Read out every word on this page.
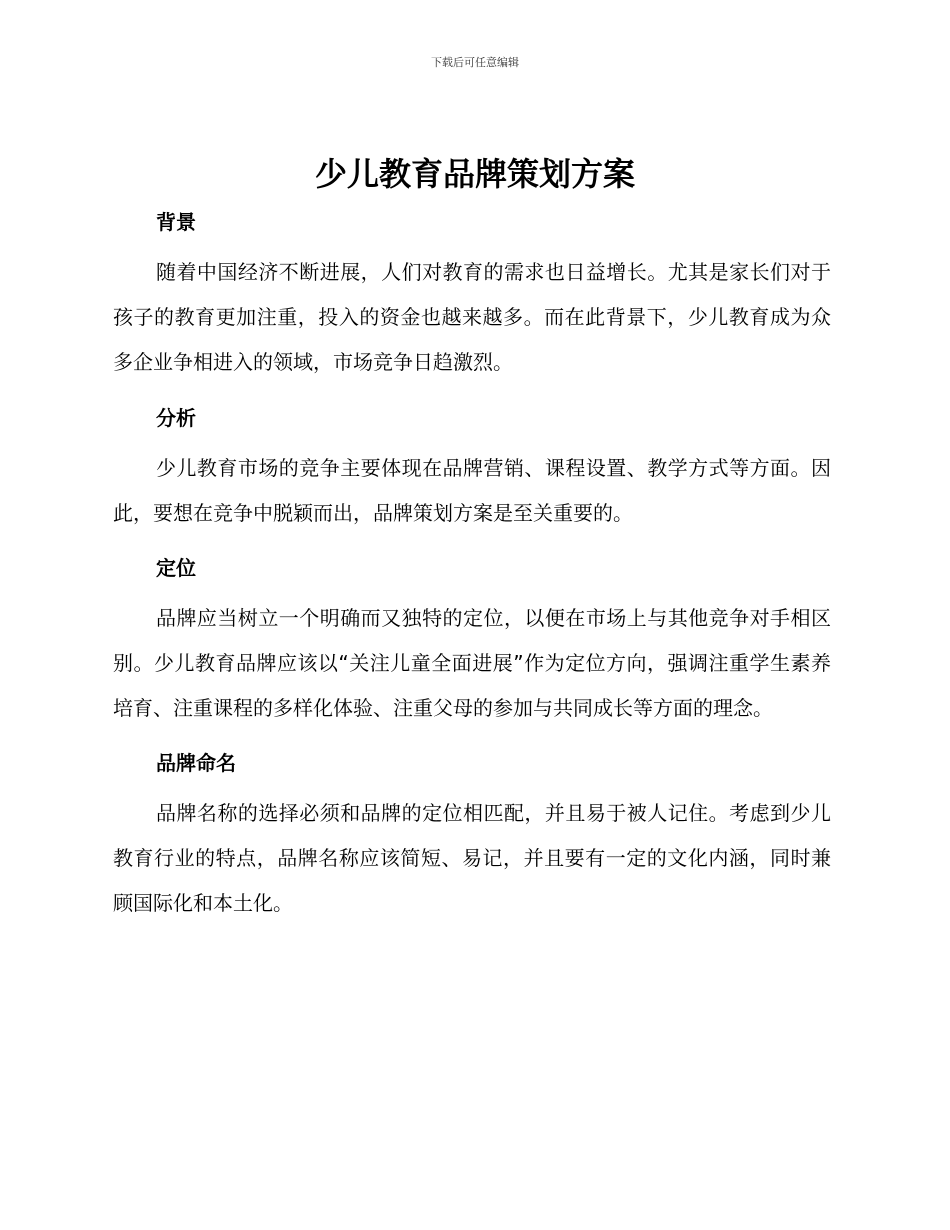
下载后可任意编辑
少儿教育品牌策划方案
背景

随着中国经济不断进展，人们对教育的需求也日益增长。尤其是家长们对于孩子的教育更加注重，投入的资金也越来越多。而在此背景下，少儿教育成为众多企业争相进入的领域，市场竞争日趋激烈。

分析

少儿教育市场的竞争主要体现在品牌营销、课程设置、教学方式等方面。因此，要想在竞争中脱颖而出，品牌策划方案是至关重要的。

定位

品牌应当树立一个明确而又独特的定位，以便在市场上与其他竞争对手相区别。少儿教育品牌应该以“关注儿童全面进展”作为定位方向，强调注重学生素养培育、注重课程的多样化体验、注重父母的参加与共同成长等方面的理念。

品牌命名

品牌名称的选择必须和品牌的定位相匹配，并且易于被人记住。考虑到少儿教育行业的特点，品牌名称应该简短、易记，并且要有一定的文化内涵，同时兼顾国际化和本土化。
